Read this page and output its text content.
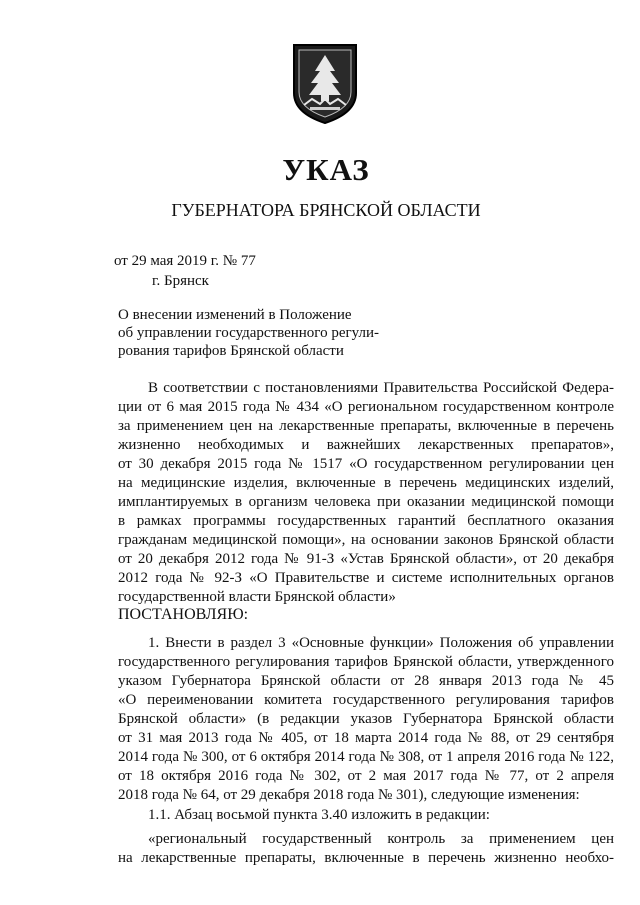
УКАЗ
ГУБЕРНАТОРА БРЯНСКОЙ ОБЛАСТИ
от 29 мая 2019 г. № 77
г. Брянск
О внесении изменений в Положение
об управлении государственного регули-
рования тарифов Брянской области
В соответствии с постановлениями Правительства Российской Федера-
ции от 6 мая 2015 года № 434 «О региональном государственном контроле
за применением цен на лекарственные препараты, включенные в перечень
жизненно необходимых и важнейших лекарственных препаратов»,
от 30 декабря 2015 года № 1517 «О государственном регулировании цен
на медицинские изделия, включенные в перечень медицинских изделий,
имплантируемых в организм человека при оказании медицинской помощи
в рамках программы государственных гарантий бесплатного оказания
гражданам медицинской помощи», на основании законов Брянской области
от 20 декабря 2012 года № 91-З «Устав Брянской области», от 20 декабря
2012 года № 92-З «О Правительстве и системе исполнительных органов
государственной власти Брянской области»
ПОСТАНОВЛЯЮ:
1. Внести в раздел 3 «Основные функции» Положения об управлении
государственного регулирования тарифов Брянской области, утвержденного
указом Губернатора Брянской области от 28 января 2013 года № 45
«О переименовании комитета государственного регулирования тарифов
Брянской области» (в редакции указов Губернатора Брянской области
от 31 мая 2013 года № 405, от 18 марта 2014 года № 88, от 29 сентября
2014 года № 300, от 6 октября 2014 года № 308, от 1 апреля 2016 года № 122,
от 18 октября 2016 года № 302, от 2 мая 2017 года № 77, от 2 апреля
2018 года № 64, от 29 декабря 2018 года № 301), следующие изменения:
1.1. Абзац восьмой пункта 3.40 изложить в редакции:
«региональный государственный контроль за применением цен
на лекарственные препараты, включенные в перечень жизненно необхо-
